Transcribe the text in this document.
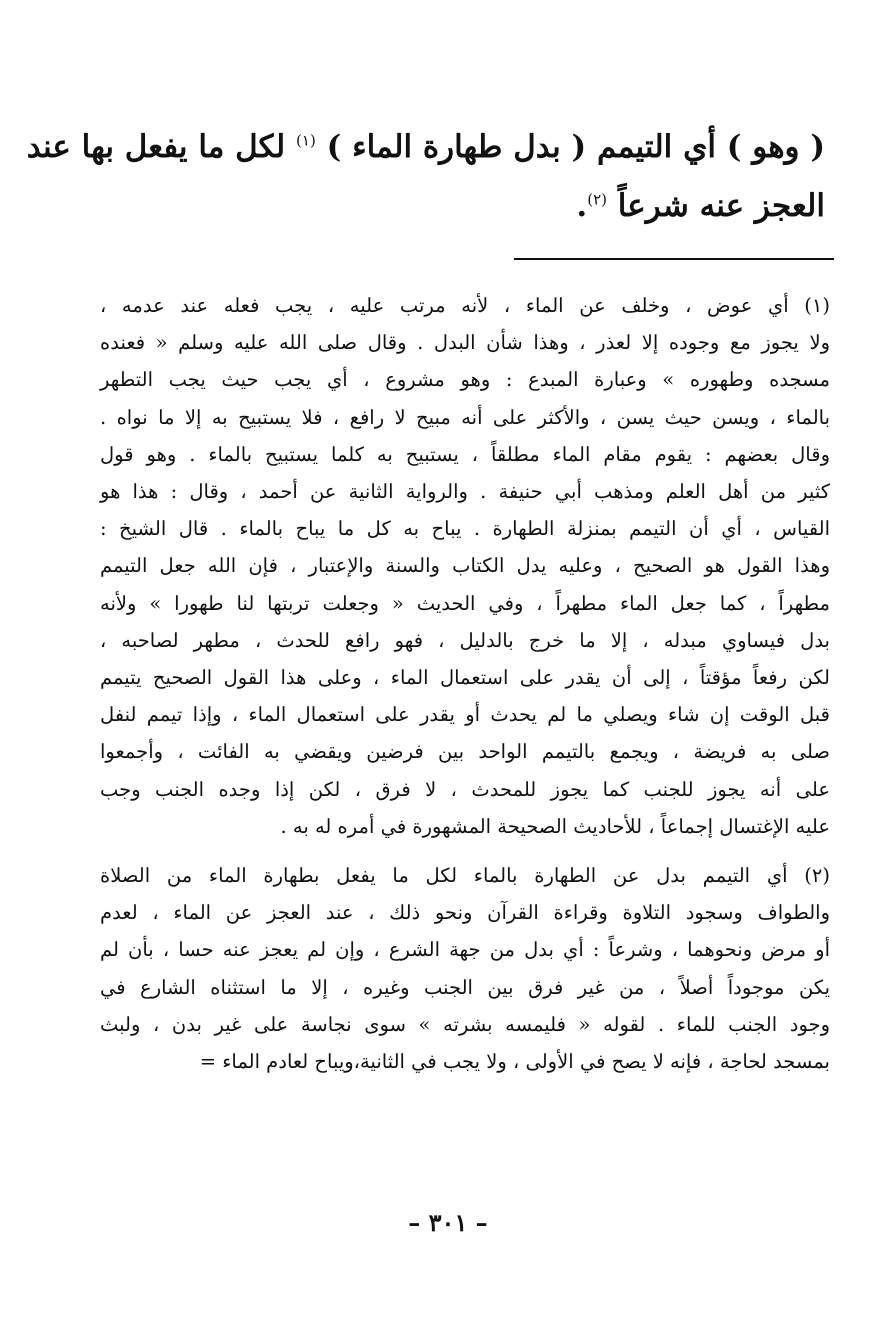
( وهو ) أي التيمم ( بدل طهارة الماء ) $^{(١)}$ لكل ما يفعل بها عند
العجز عنه شرعاً $^{(٢)}$.
(١) أي عوض ، وخلف عن الماء ، لأنه مرتب عليه ، يجب فعله عند عدمه ،
ولا يجوز مع وجوده إلا لعذر ، وهذا شأن البدل . وقال صلى الله عليه وسلم « فعنده
مسجده وطهوره » وعبارة المبدع : وهو مشروع ، أي يجب حيث يجب التطهر
بالماء ، ويسن حيث يسن ، والأكثر على أنه مبيح لا رافع ، فلا يستبيح به إلا ما نواه .
وقال بعضهم : يقوم مقام الماء مطلقاً ، يستبيح به كلما يستبيح بالماء . وهو قول
كثير من أهل العلم ومذهب أبي حنيفة . والرواية الثانية عن أحمد ، وقال : هذا هو
القياس ، أي أن التيمم بمنزلة الطهارة . يباح به كل ما يباح بالماء . قال الشيخ :
وهذا القول هو الصحيح ، وعليه يدل الكتاب والسنة والإعتبار ، فإن الله جعل التيمم
مطهراً ، كما جعل الماء مطهراً ، وفي الحديث « وجعلت تربتها لنا طهورا » ولأنه
بدل فيساوي مبدله ، إلا ما خرج بالدليل ، فهو رافع للحدث ، مطهر لصاحبه ،
لكن رفعاً مؤقتاً ، إلى أن يقدر على استعمال الماء ، وعلى هذا القول الصحيح يتيمم
قبل الوقت إن شاء ويصلي ما لم يحدث أو يقدر على استعمال الماء ، وإذا تيمم لنفل
صلى به فريضة ، ويجمع بالتيمم الواحد بين فرضين ويقضي به الفائت ، وأجمعوا
على أنه يجوز للجنب كما يجوز للمحدث ، لا فرق ، لكن إذا وجده الجنب وجب
عليه الإغتسال إجماعاً ، للأحاديث الصحيحة المشهورة في أمره له به .
(٢) أي التيمم بدل عن الطهارة بالماء لكل ما يفعل بطهارة الماء من الصلاة
والطواف وسجود التلاوة وقراءة القرآن ونحو ذلك ، عند العجز عن الماء ، لعدم
أو مرض ونحوهما ، وشرعاً : أي بدل من جهة الشرع ، وإن لم يعجز عنه حسا ، بأن لم
يكن موجوداً أصلاً ، من غير فرق بين الجنب وغيره ، إلا ما استثناه الشارع في
وجود الجنب للماء . لقوله « فليمسه بشرته » سوى نجاسة على غير بدن ، ولبث
بمسجد لحاجة ، فإنه لا يصح في الأولى ، ولا يجب في الثانية،ويباح لعادم الماء =
– ٣٠١ –
